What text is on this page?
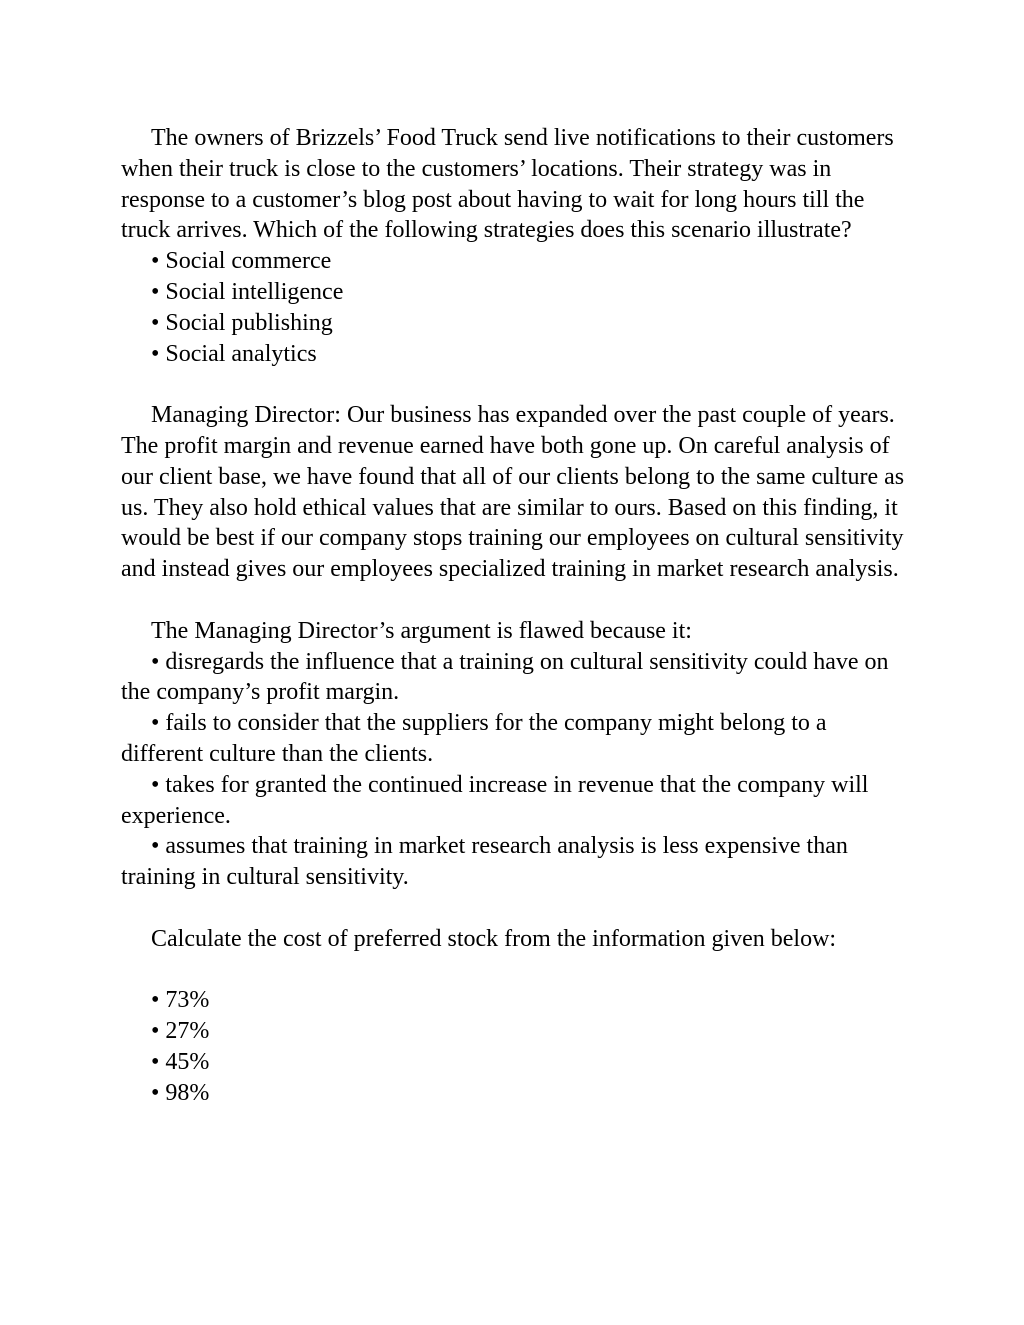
The owners of Brizzels’ Food Truck send live notifications to their customers when their truck is close to the customers’ locations. Their strategy was in response to a customer’s blog post about having to wait for long hours till the truck arrives. Which of the following strategies does this scenario illustrate?

• Social commerce

• Social intelligence

• Social publishing

• Social analytics

Managing Director: Our business has expanded over the past couple of years. The profit margin and revenue earned have both gone up. On careful analysis of our client base, we have found that all of our clients belong to the same culture as us. They also hold ethical values that are similar to ours. Based on this finding, it would be best if our company stops training our employees on cultural sensitivity and instead gives our employees specialized training in market research analysis.

The Managing Director’s argument is flawed because it:

• disregards the influence that a training on cultural sensitivity could have on the company’s profit margin.

• fails to consider that the suppliers for the company might belong to a different culture than the clients.

• takes for granted the continued increase in revenue that the company will experience.

• assumes that training in market research analysis is less expensive than training in cultural sensitivity.

Calculate the cost of preferred stock from the information given below:

• 73%

• 27%

• 45%

• 98%
